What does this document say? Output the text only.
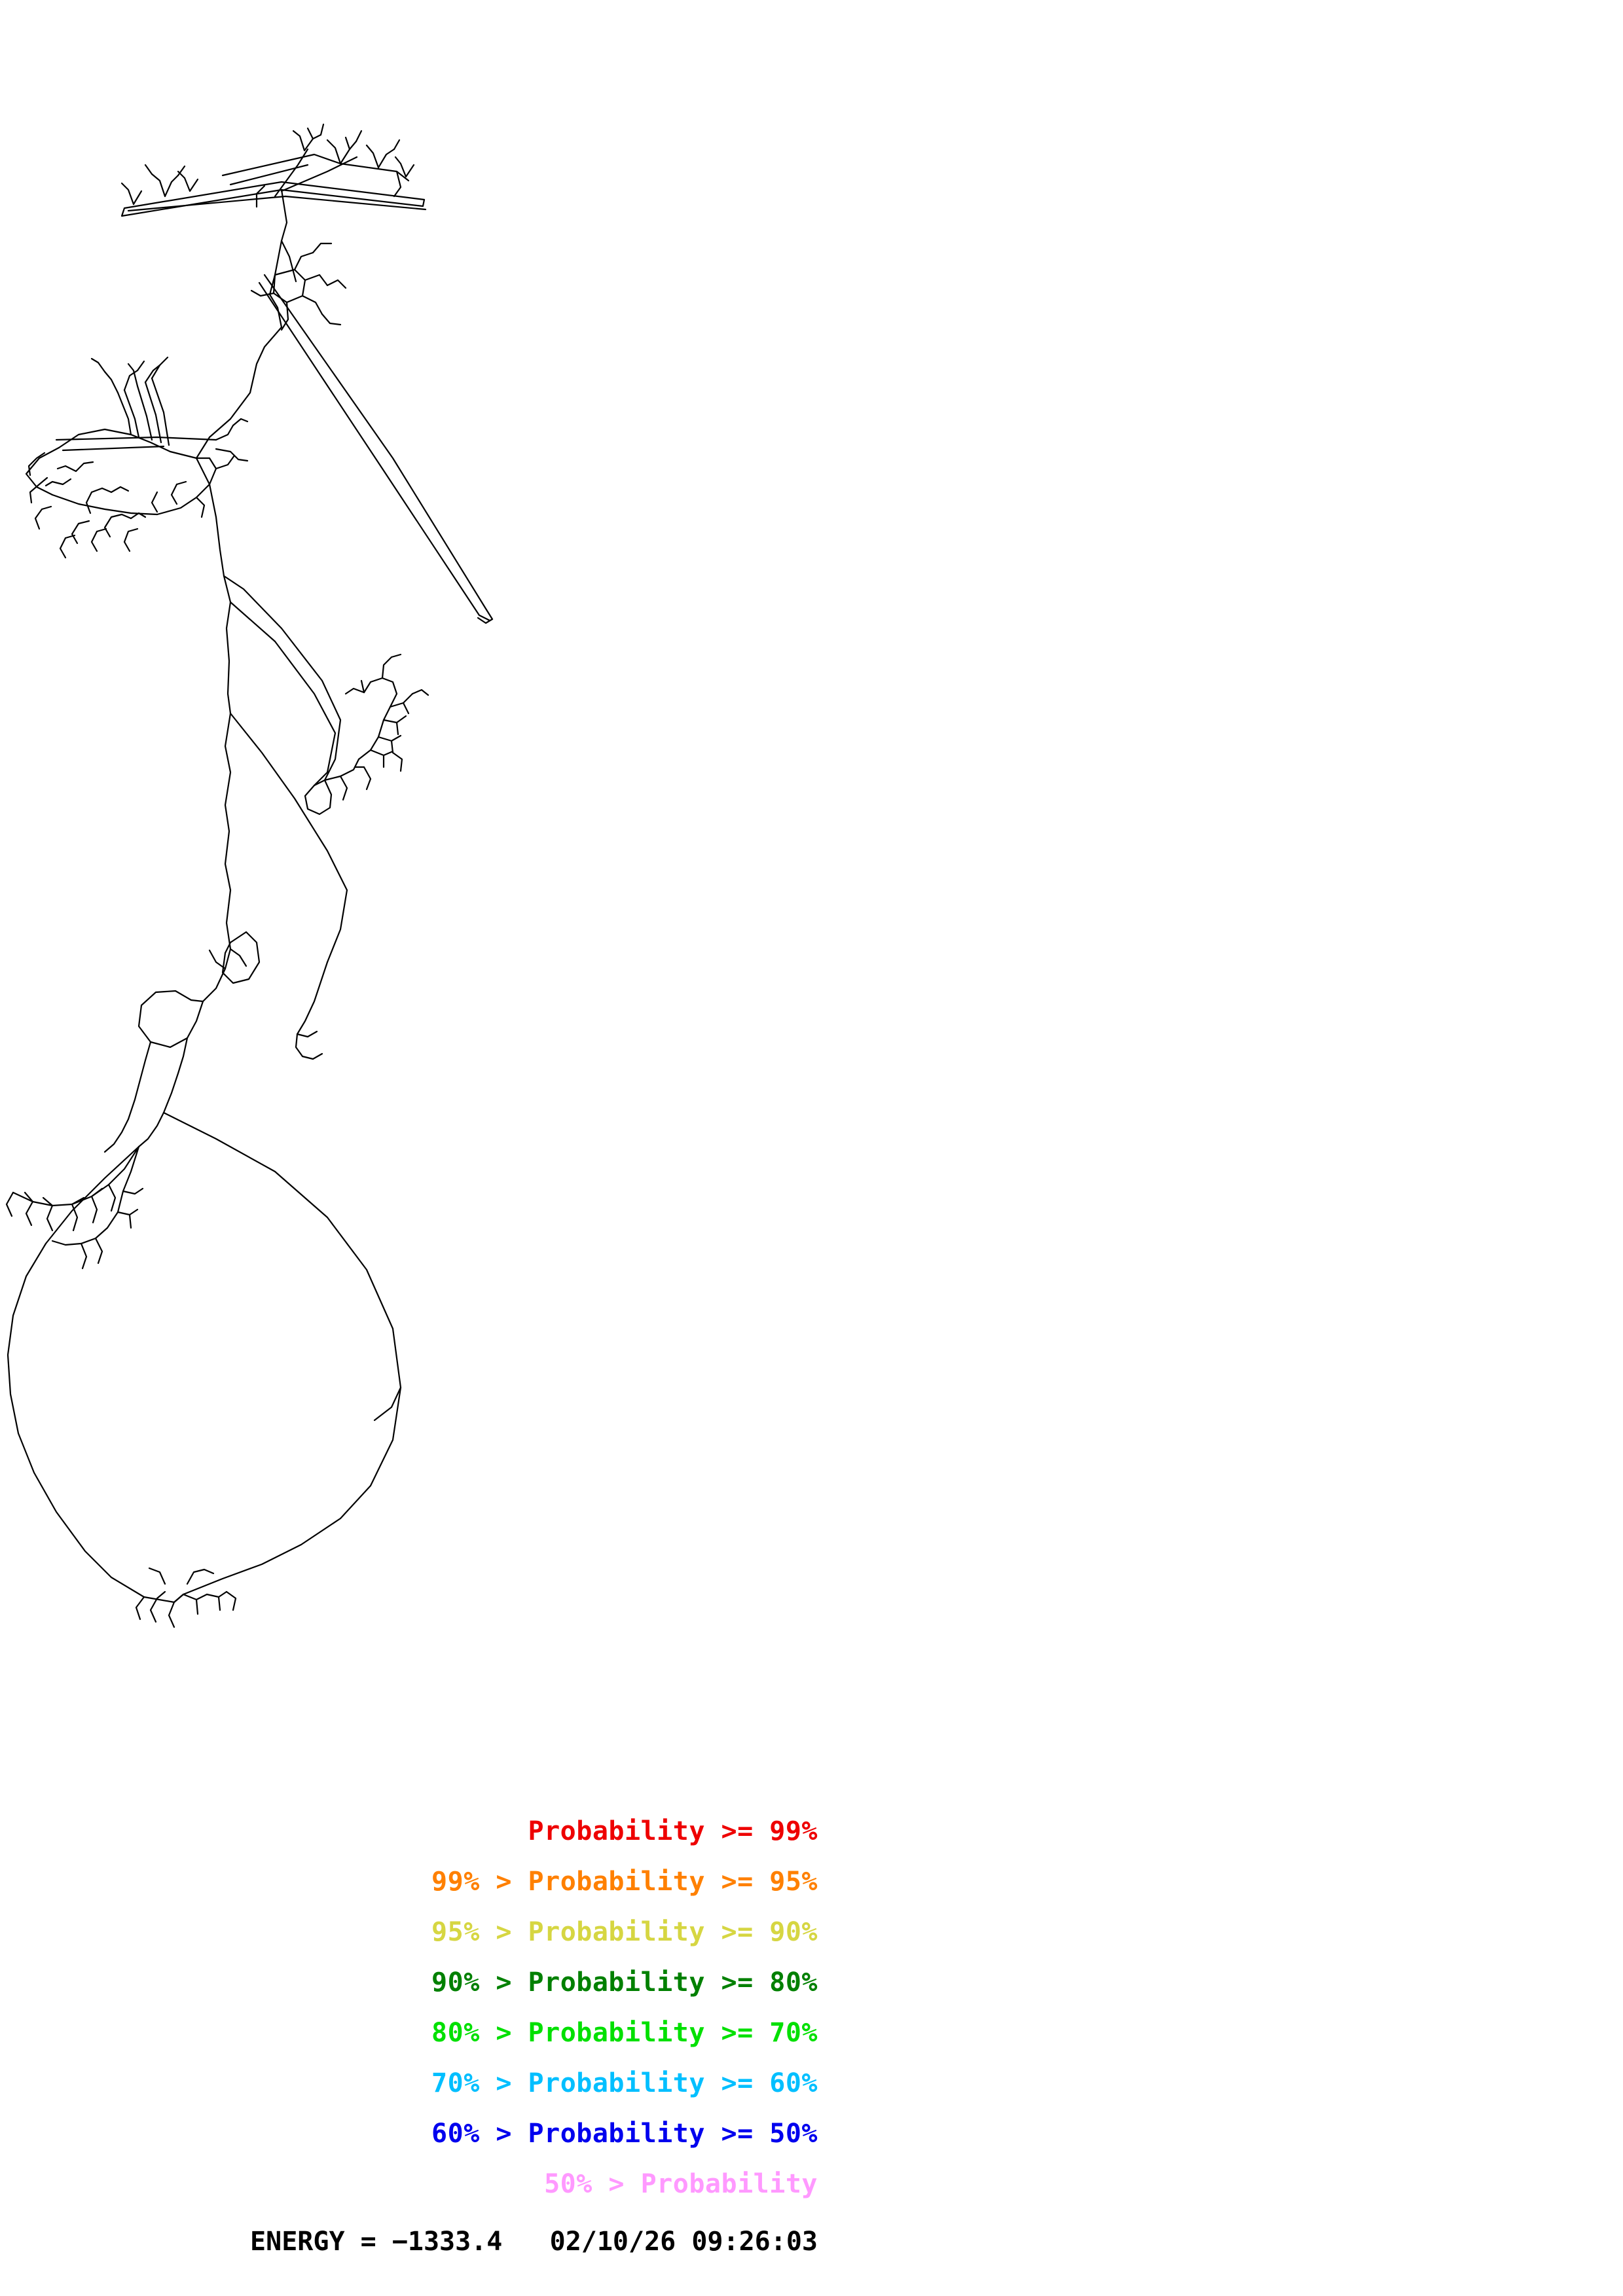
Probability >= 99%
99% > Probability >= 95%
95% > Probability >= 90%
90% > Probability >= 80%
80% > Probability >= 70%
70% > Probability >= 60%
60% > Probability >= 50%
50% > Probability
ENERGY = −1333.4   02/10/26 09:26:03
